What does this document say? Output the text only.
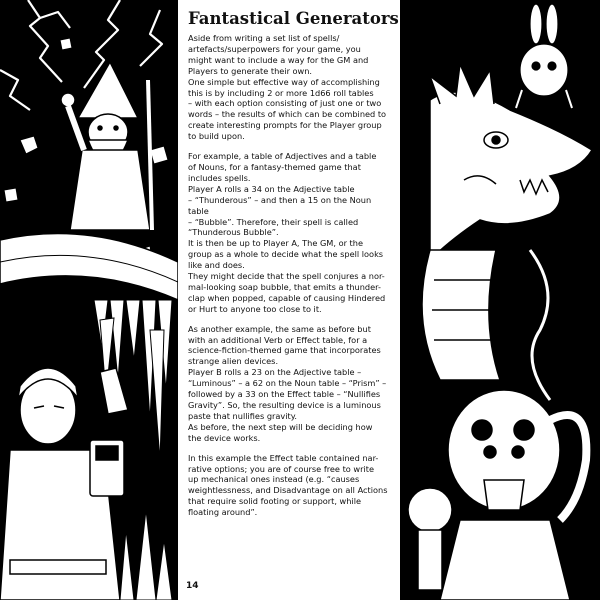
Fantastical Generators

Aside from writing a set list of spells/
artefacts/superpowers for your game, you
might want to include a way for the GM and
Players to generate their own.
One simple but effective way of accomplishing
this is by including 2 or more 1d66 roll tables
– with each option consisting of just one or two
words – the results of which can be combined to
create interesting prompts for the Player group
to build upon.

For example, a table of Adjectives and a table
of Nouns, for a fantasy-themed game that
includes spells.
Player A rolls a 34 on the Adjective table
– “Thunderous” – and then a 15 on the Noun table
– “Bubble”. Therefore, their spell is called
“Thunderous Bubble”.
It is then be up to Player A, The GM, or the
group as a whole to decide what the spell looks
like and does.
They might decide that the spell conjures a nor-
mal-looking soap bubble, that emits a thunder-
clap when popped, capable of causing Hindered
or Hurt to anyone too close to it.

As another example, the same as before but
with an additional Verb or Effect table, for a
science-fiction-themed game that incorporates
strange alien devices.
Player B rolls a 23 on the Adjective table –
“Luminous” – a 62 on the Noun table – “Prism” –
followed by a 33 on the Effect table – “Nullifies
Gravity”. So, the resulting device is a luminous
paste that nullifies gravity.
As before, the next step will be deciding how
the device works.

In this example the Effect table contained nar-
rative options; you are of course free to write
up mechanical ones instead (e.g. “causes
weightlessness, and Disadvantage on all Actions
that require solid footing or support, while
floating around”.

14
